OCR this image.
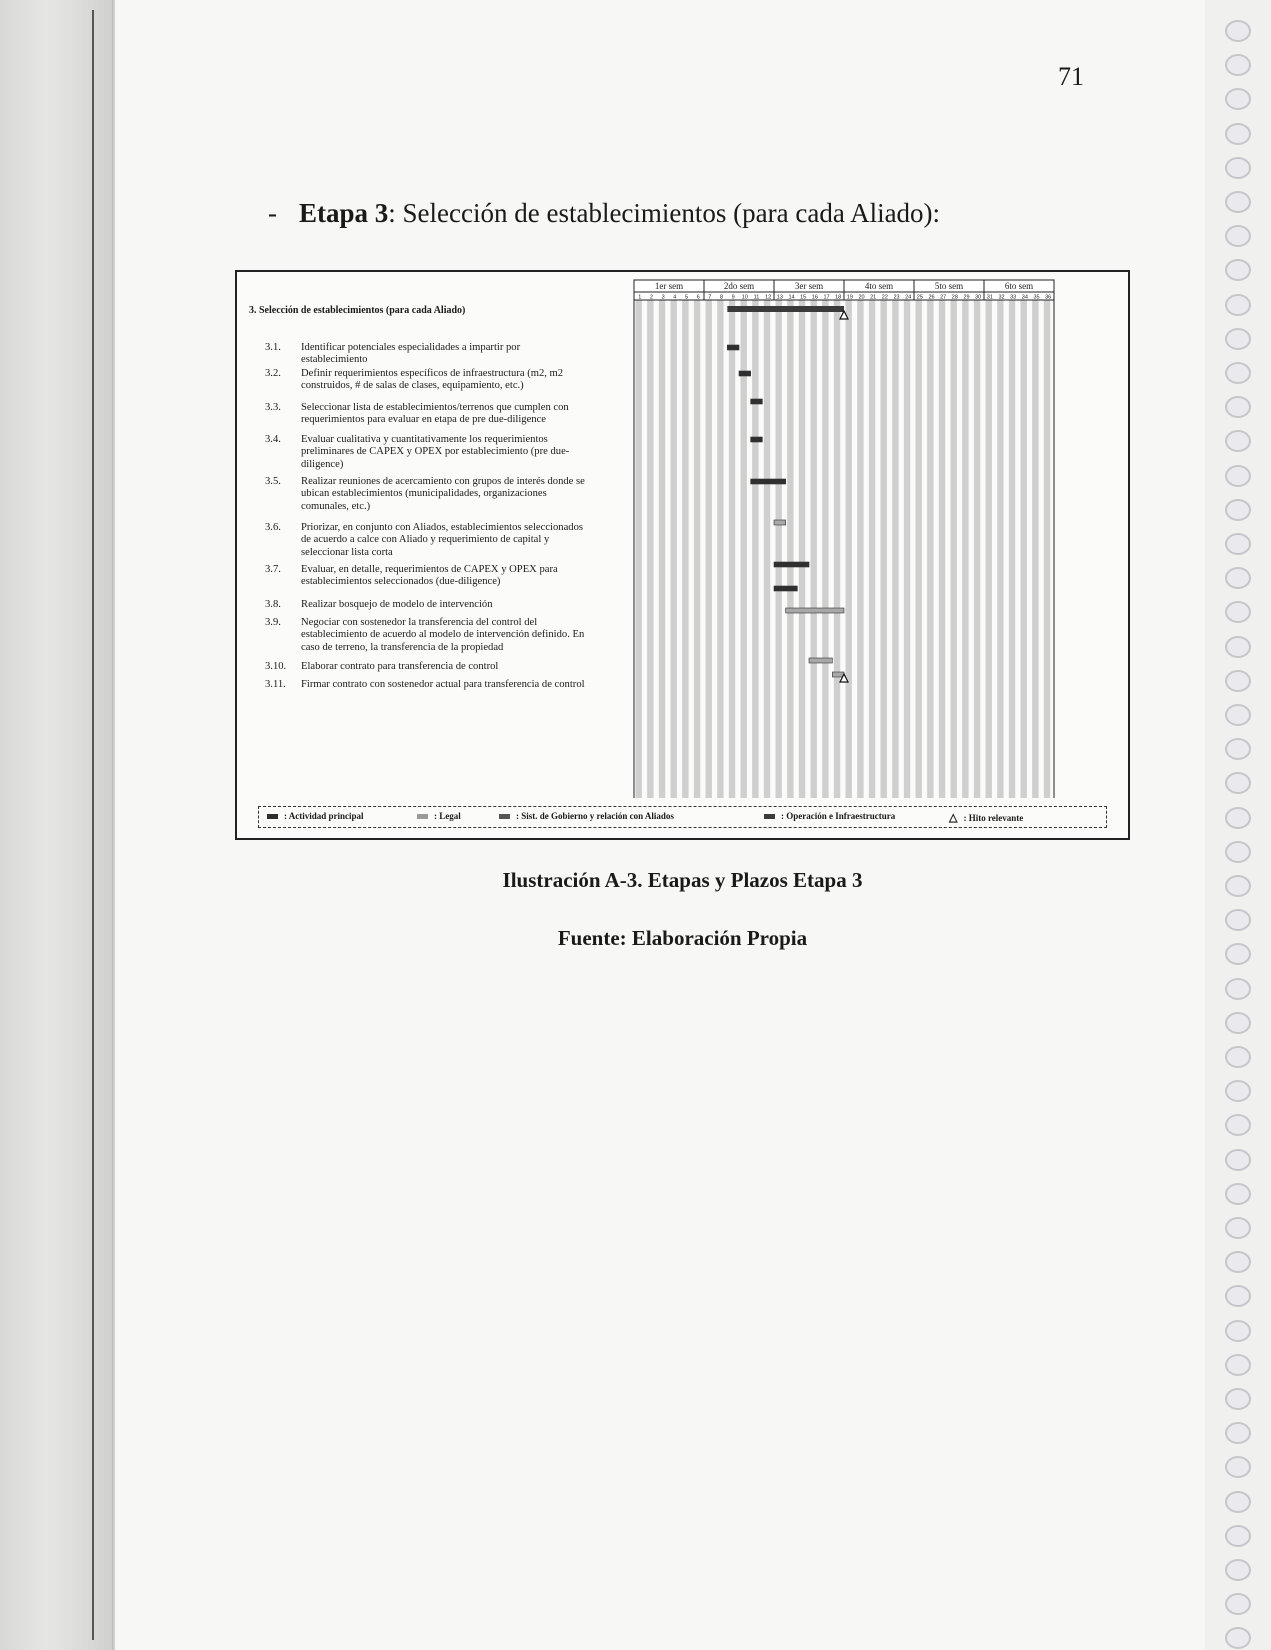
71
- Etapa 3: Selección de establecimientos (para cada Aliado):
3. Selección de establecimientos (para cada Aliado)
3.1. Identificar potenciales especialidades a impartir por
establecimiento
3.2. Definir requerimientos específicos de infraestructura (m2, m2
construidos, # de salas de clases, equipamiento, etc.)
3.3. Seleccionar lista de establecimientos/terrenos que cumplen con
requerimientos para evaluar en etapa de pre due-diligence
3.4. Evaluar cualitativa y cuantitativamente los requerimientos
preliminares de CAPEX y OPEX por establecimiento (pre due-
diligence)
3.5. Realizar reuniones de acercamiento con grupos de interés donde se
ubican establecimientos (municipalidades, organizaciones
comunales, etc.)
3.6. Priorizar, en conjunto con Aliados, establecimientos seleccionados
de acuerdo a calce con Aliado y requerimiento de capital y
seleccionar lista corta
3.7. Evaluar, en detalle, requerimientos de CAPEX y OPEX para
establecimientos seleccionados (due-diligence)
3.8. Realizar bosquejo de modelo de intervención
3.9. Negociar con sostenedor la transferencia del control del
establecimiento de acuerdo al modelo de intervención definido. En
caso de terreno, la transferencia de la propiedad
3.10. Elaborar contrato para transferencia de control
3.11. Firmar contrato con sostenedor actual para transferencia de control
1er sem	2do sem	3er sem	4to sem	5to sem	6to sem
1 2 3 4 5 6 7 8 9 10 11 12 13 14 15 16 17 18 19 20 21 22 23 24 25 26 27 28 29 30 31 32 33 34 35 36
: Actividad principal	: Legal	: Sist. de Gobierno y relación con Aliados	: Operación e Infraestructura	△ : Hito relevante
Ilustración A-3. Etapas y Plazos Etapa 3
Fuente: Elaboración Propia
